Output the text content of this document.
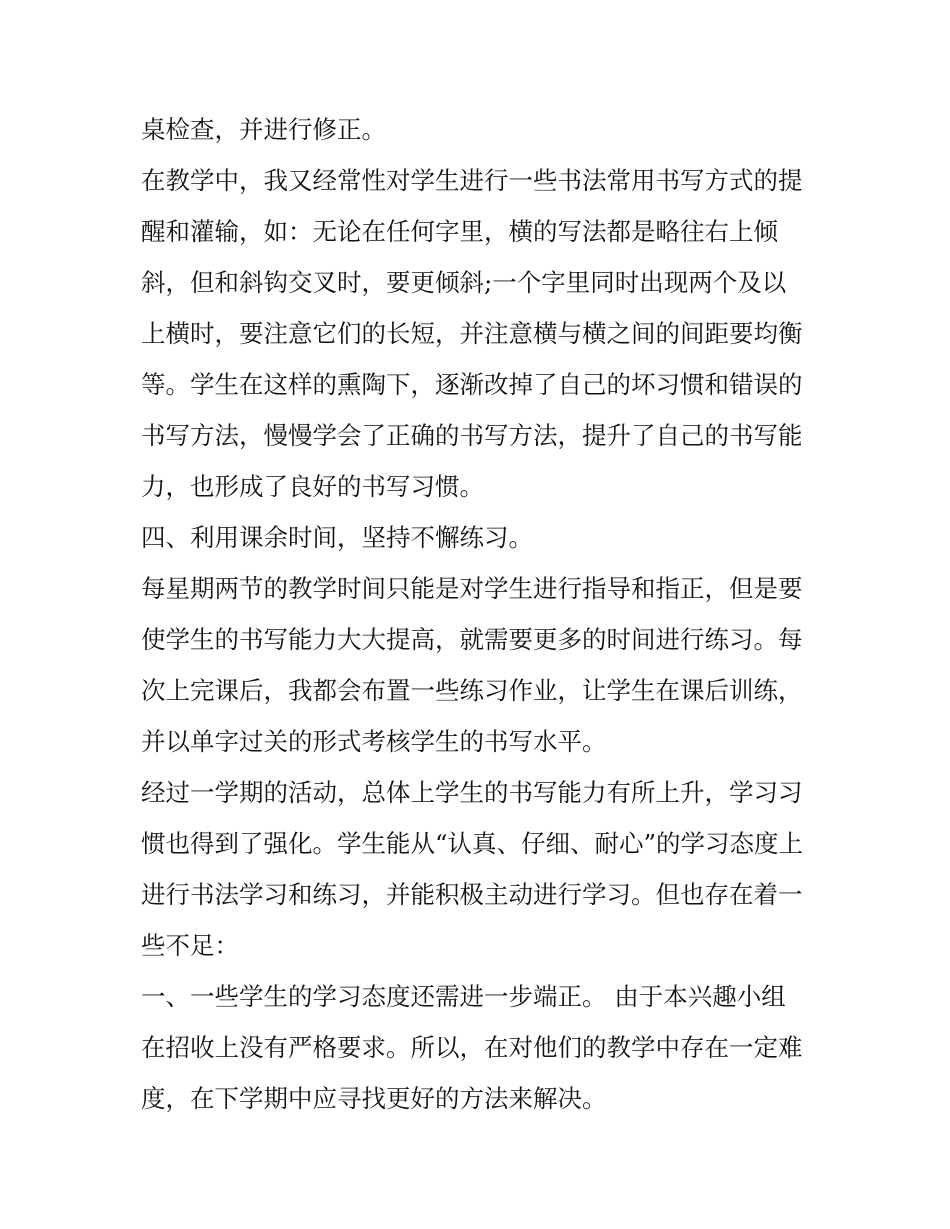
桌检查，并进行修正。
在教学中，我又经常性对学生进行一些书法常用书写方式的提
醒和灌输，如：无论在任何字里，横的写法都是略往右上倾
斜，但和斜钩交叉时，要更倾斜;一个字里同时出现两个及以
上横时，要注意它们的长短，并注意横与横之间的间距要均衡
等。学生在这样的熏陶下，逐渐改掉了自己的坏习惯和错误的
书写方法，慢慢学会了正确的书写方法，提升了自己的书写能
力，也形成了良好的书写习惯。
四、利用课余时间，坚持不懈练习。
每星期两节的教学时间只能是对学生进行指导和指正，但是要
使学生的书写能力大大提高，就需要更多的时间进行练习。每
次上完课后，我都会布置一些练习作业，让学生在课后训练，
并以单字过关的形式考核学生的书写水平。
经过一学期的活动，总体上学生的书写能力有所上升，学习习
惯也得到了强化。学生能从“认真、仔细、耐心”的学习态度上
进行书法学习和练习，并能积极主动进行学习。但也存在着一
些不足：
一、一些学生的学习态度还需进一步端正。 由于本兴趣小组
在招收上没有严格要求。所以，在对他们的教学中存在一定难
度，在下学期中应寻找更好的方法来解决。
